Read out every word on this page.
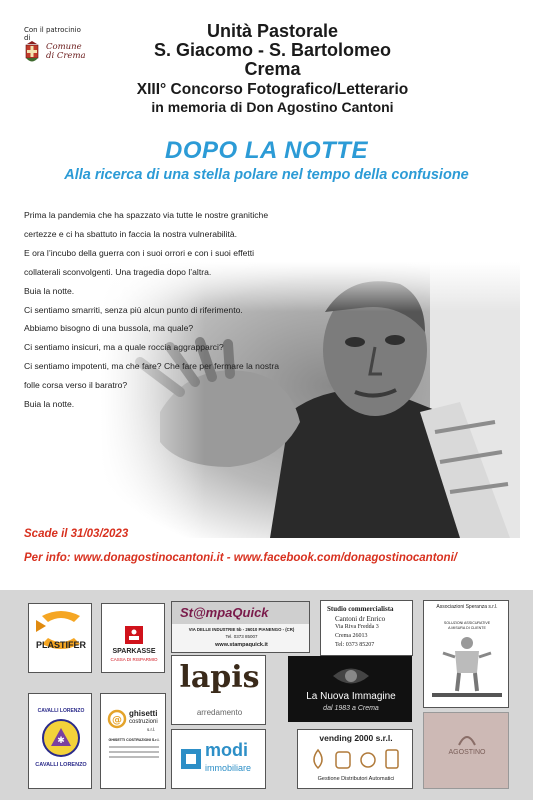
Con il patrocinio di
Comune
di Crema
Unità Pastorale
S. Giacomo - S. Bartolomeo
Crema
XIII° Concorso Fotografico/Letterario
in memoria di Don Agostino Cantoni
DOPO LA NOTTE
Alla ricerca di una stella polare nel tempo della confusione
Prima la pandemia che ha spazzato via tutte le nostre granitiche
certezze e ci ha sbattuto in faccia la nostra vulnerabilità.
E ora l’incubo della guerra con i suoi orrori e con i suoi effetti
collaterali sconvolgenti. Una tragedia dopo l’altra.
Buia la notte.
Ci sentiamo smarriti, senza più alcun punto di riferimento.
Abbiamo bisogno di una bussola, ma quale?
Ci sentiamo insicuri, ma a quale roccia aggrapparci?
Ci sentiamo impotenti, ma che fare? Che fare per fermare la nostra
folle corsa verso il baratro?
Buia la notte.
Scade il 31/03/2023
Per info: www.donagostinocantoni.it - www.facebook.com/donagostinocantoni/
PLASTIFER
SPARKASSE
CASSA DI RISPARMIO
St@mpaQuick
VIA DELLE INDUSTRIE 5b - 26010 PIANENGO - (CR)
Tel. 0373 85007
www.stampaquick.it
Studio commercialista
Cantoni dr Enrico
Via Riva Fredda 3
Crema 26013
Tel: 0373 85207
Associazioni Speranza s.r.l.
SOLUZIONI ASSICURATIVE
A MISURA DI CLIENTE
lapis
arredamento
La Nuova Immagine
dal 1983 a Crema
CAVALLI LORENZO
✱
CAVALLI LORENZO
@
ghisetti
costruzioni
s.r.l.
GHISETTI COSTRUZIONI S.r.l.	modi
immobiliare
vending 2000 s.r.l.
Gestione Distributori Automatici
AGOSTINO
